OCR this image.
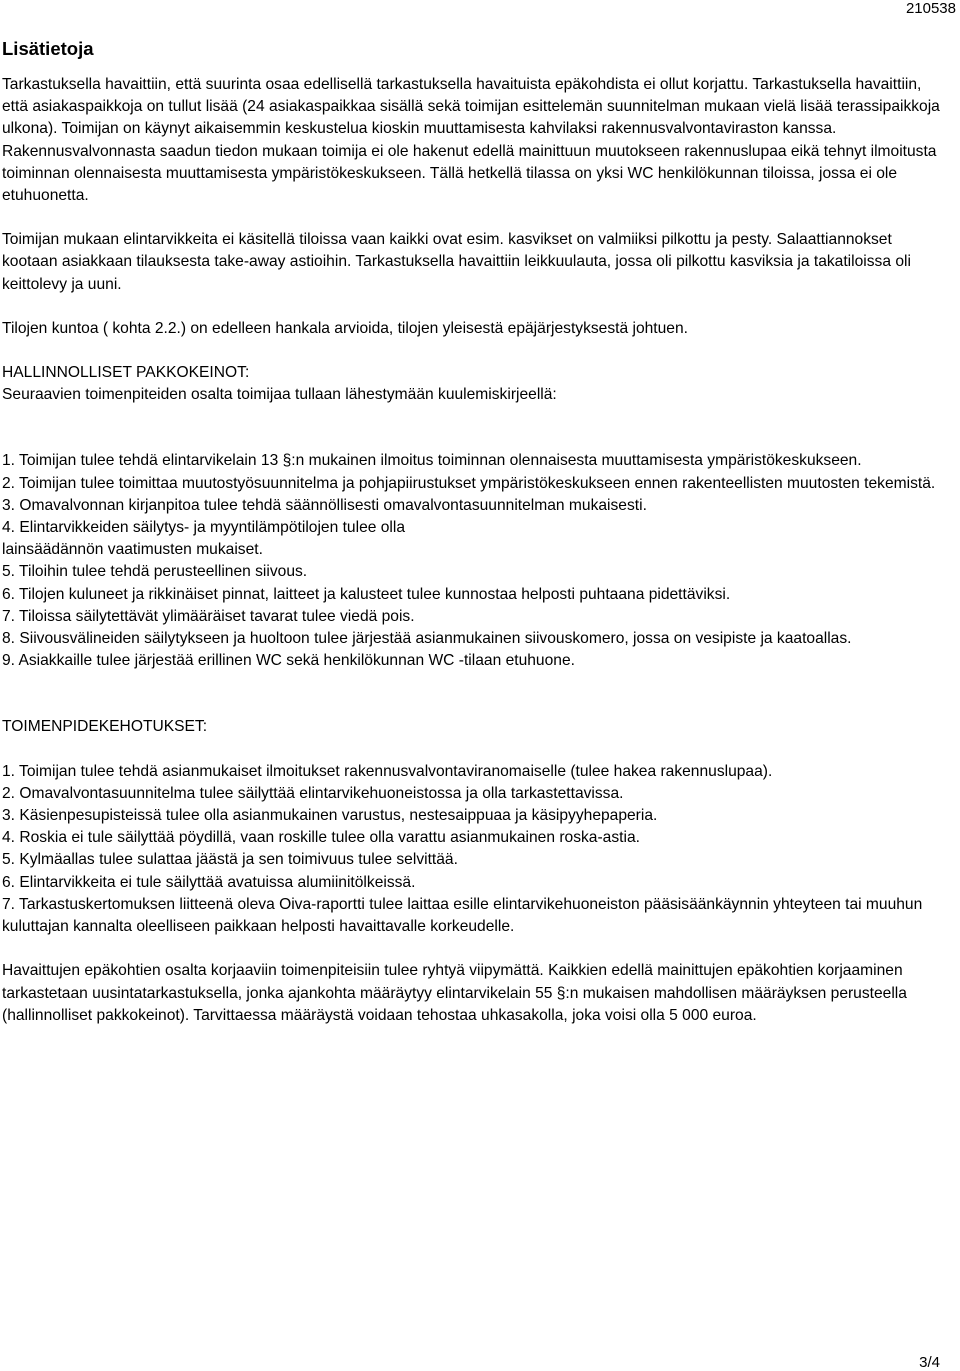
210538
Lisätietoja

Tarkastuksella havaittiin, että suurinta osaa edellisellä tarkastuksella havaituista epäkohdista ei ollut korjattu. Tarkastuksella havaittiin, että asiakaspaikkoja on tullut lisää (24 asiakaspaikkaa sisällä sekä toimijan esittelemän suunnitelman mukaan vielä lisää terassipaikkoja ulkona). Toimijan on käynyt aikaisemmin keskustelua kioskin muuttamisesta kahvilaksi rakennusvalvontaviraston kanssa. Rakennusvalvonnasta saadun tiedon mukaan toimija ei ole hakenut edellä mainittuun muutokseen rakennuslupaa eikä tehnyt ilmoitusta toiminnan olennaisesta muuttamisesta ympäristökeskukseen. Tällä hetkellä tilassa on yksi WC henkilökunnan tiloissa, jossa ei ole etuhuonetta.

Toimijan mukaan elintarvikkeita ei käsitellä tiloissa vaan kaikki ovat esim. kasvikset on valmiiksi pilkottu ja pesty. Salaattiannokset kootaan asiakkaan tilauksesta take-away astioihin. Tarkastuksella havaittiin leikkuulauta, jossa oli pilkottu kasviksia ja takatiloissa oli keittolevy ja uuni.

Tilojen kuntoa ( kohta 2.2.) on edelleen hankala arvioida, tilojen yleisestä epäjärjestyksestä johtuen.

HALLINNOLLISET PAKKOKEINOT:

Seuraavien toimenpiteiden osalta toimijaa tullaan lähestymään kuulemiskirjeellä:

1. Toimijan tulee tehdä elintarvikelain 13 §:n mukainen ilmoitus toiminnan olennaisesta muuttamisesta ympäristökeskukseen.
2. Toimijan tulee toimittaa muutostyösuunnitelma ja pohjapiirustukset ympäristökeskukseen ennen rakenteellisten muutosten tekemistä.
3. Omavalvonnan kirjanpitoa tulee tehdä säännöllisesti omavalvontasuunnitelman mukaisesti.
4. Elintarvikkeiden säilytys- ja myyntilämpötilojen tulee olla
lainsäädännön vaatimusten mukaiset.
5. Tiloihin tulee tehdä perusteellinen siivous.
6. Tilojen kuluneet ja rikkinäiset pinnat, laitteet ja kalusteet tulee kunnostaa helposti puhtaana pidettäviksi.
7. Tiloissa säilytettävät ylimääräiset tavarat tulee viedä pois.
8. Siivousvälineiden säilytykseen ja huoltoon tulee järjestää asianmukainen siivouskomero, jossa on vesipiste ja kaatoallas.
9. Asiakkaille tulee järjestää erillinen WC sekä henkilökunnan WC -tilaan etuhuone.

TOIMENPIDEKEHOTUKSET:

1. Toimijan tulee tehdä asianmukaiset ilmoitukset rakennusvalvontaviranomaiselle (tulee hakea rakennuslupaa).
2. Omavalvontasuunnitelma tulee säilyttää elintarvikehuoneistossa ja olla tarkastettavissa.
3. Käsienpesupisteissä tulee olla asianmukainen varustus, nestesaippuaa ja käsipyyhepaperia.
4. Roskia ei tule säilyttää pöydillä, vaan roskille tulee olla varattu asianmukainen roska-astia.
5. Kylmäallas tulee sulattaa jäästä ja sen toimivuus tulee selvittää.
6. Elintarvikkeita ei tule säilyttää avatuissa alumiinitölkeissä.
7. Tarkastuskertomuksen liitteenä oleva Oiva-raportti tulee laittaa esille elintarvikehuoneiston pääsisäänkäynnin yhteyteen tai muuhun kuluttajan kannalta oleelliseen paikkaan helposti havaittavalle korkeudelle.

Havaittujen epäkohtien osalta korjaaviin toimenpiteisiin tulee ryhtyä viipymättä. Kaikkien edellä mainittujen epäkohtien korjaaminen tarkastetaan uusintatarkastuksella, jonka ajankohta määräytyy elintarvikelain 55 §:n mukaisen mahdollisen määräyksen perusteella (hallinnolliset pakkokeinot). Tarvittaessa määräystä voidaan tehostaa uhkasakolla, joka voisi olla 5 000 euroa.

3/4
